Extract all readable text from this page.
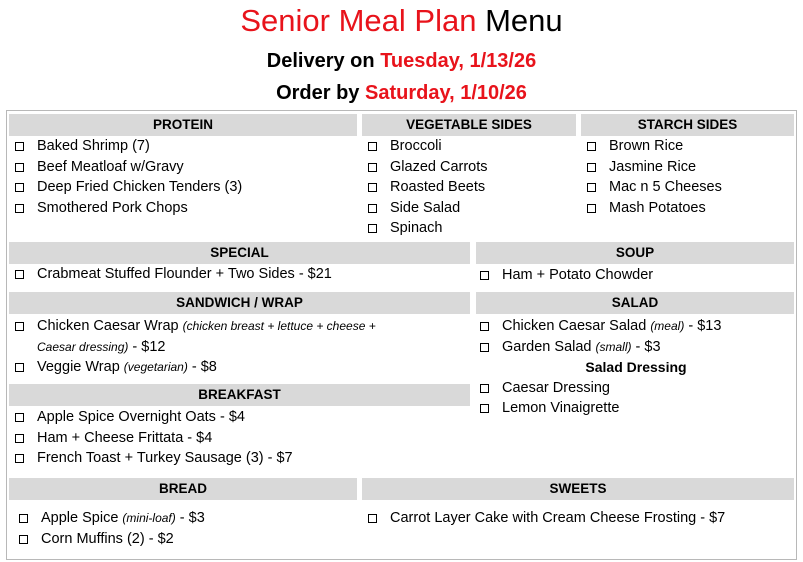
Senior Meal Plan Menu
Delivery on Tuesday, 1/13/26
Order by Saturday, 1/10/26
PROTEIN	VEGETABLE SIDES	STARCH SIDES
Baked Shrimp (7)
Beef Meatloaf w/Gravy
Deep Fried Chicken Tenders (3)
Smothered Pork Chops
Broccoli
Glazed Carrots
Roasted Beets
Side Salad
Spinach
Brown Rice
Jasmine Rice
Mac n 5 Cheeses
Mash Potatoes
SPECIAL	SOUP
Crabmeat Stuffed Flounder + Two Sides - $21	Ham + Potato Chowder
SANDWICH / WRAP	SALAD
Chicken Caesar Wrap (chicken breast + lettuce + cheese +
Caesar dressing) - $12
Veggie Wrap (vegetarian) - $8
Chicken Caesar Salad (meal) - $13
Garden Salad (small) - $3
Salad Dressing
Caesar Dressing
Lemon Vinaigrette
BREAKFAST
Apple Spice Overnight Oats - $4
Ham + Cheese Frittata - $4
French Toast + Turkey Sausage (3) - $7
BREAD	SWEETS
Apple Spice (mini-loaf) - $3
Corn Muffins (2) - $2
Carrot Layer Cake with Cream Cheese Frosting - $7
